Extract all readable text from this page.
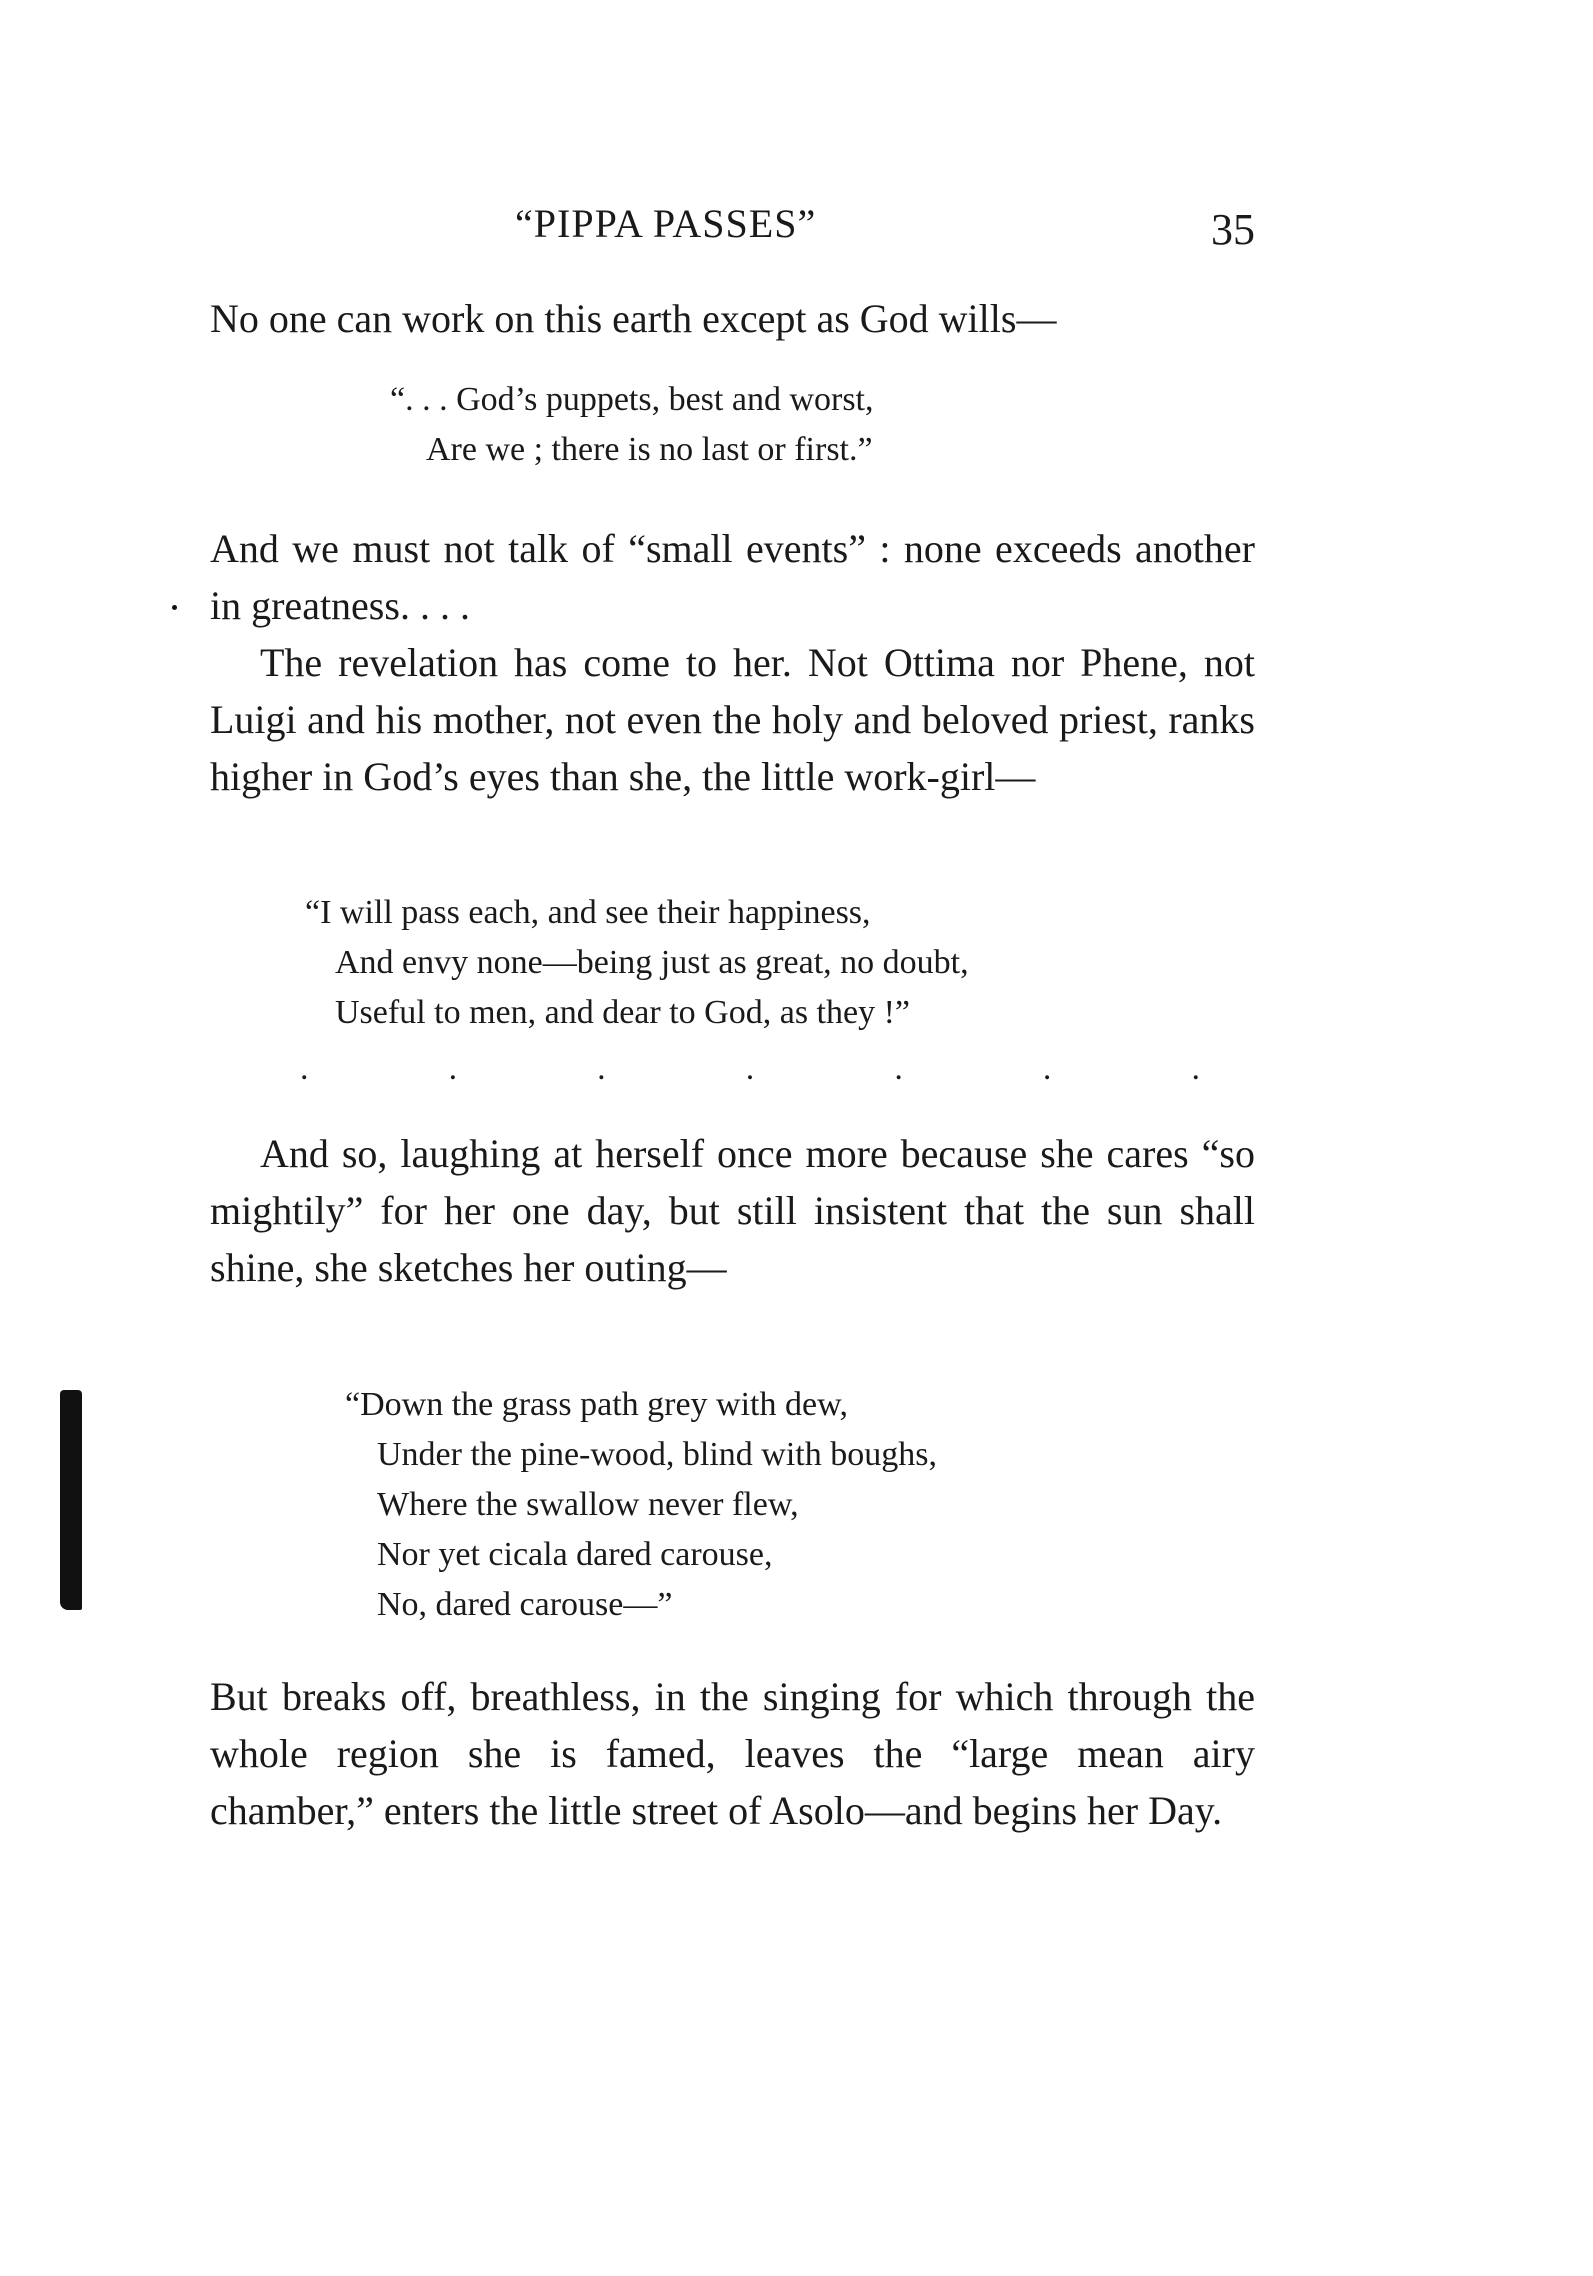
“PIPPA PASSES”	35

No one can work on this earth except as God wills—

“. . . God’s puppets, best and worst,
Are we ; there is no last or first.”

And we must not talk of “small events” : none exceeds another in greatness. . . .

The revelation has come to her. Not Ottima nor Phene, not Luigi and his mother, not even the holy and beloved priest, ranks higher in God’s eyes than she, the little work-girl—

“I will pass each, and see their happiness,
And envy none—being just as great, no doubt,
Useful to men, and dear to God, as they !”
.	.	.	.	.	.	.

And so, laughing at herself once more because she cares “so mightily” for her one day, but still insistent that the sun shall shine, she sketches her outing—

“Down the grass path grey with dew,
Under the pine-wood, blind with boughs,
Where the swallow never flew,
Nor yet cicala dared carouse,
No, dared carouse—”

But breaks off, breathless, in the singing for which through the whole region she is famed, leaves the “large mean airy chamber,” enters the little street of Asolo—and begins her Day.
